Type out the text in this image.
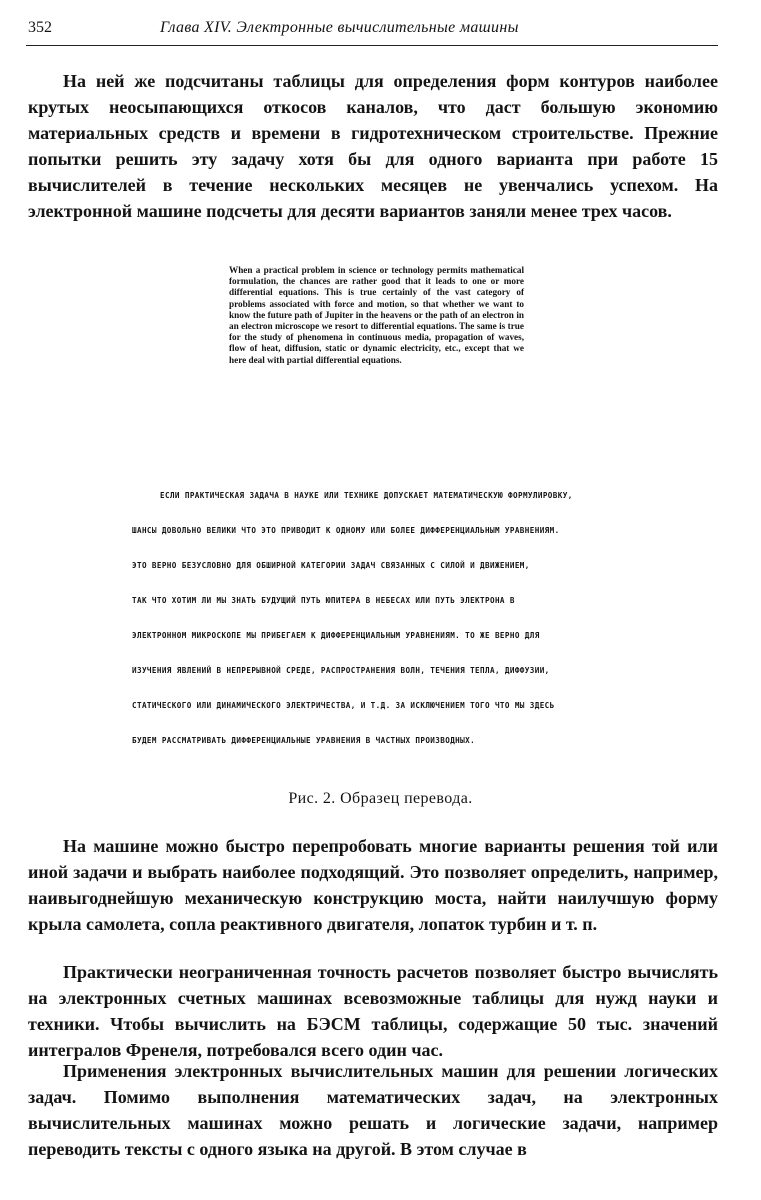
352	Глава XIV. Электронные вычислительные машины

На ней же подсчитаны таблицы для определения форм контуров наиболее крутых неосыпающихся откосов каналов, что даст большую экономию материальных средств и времени в гидротехническом строительстве. Прежние попытки решить эту задачу хотя бы для одного варианта при работе 15 вычислителей в течение нескольких месяцев не увенчались успехом. На электронной машине подсчеты для десяти вариантов заняли менее трех часов.

When a practical problem in science or technology permits mathematical formulation, the chances are rather good that it leads to one or more differential equations. This is true certainly of the vast category of problems associated with force and motion, so that whether we want to know the future path of Jupiter in the heavens or the path of an electron in an electron microscope we resort to differential equations. The same is true for the study of phenomena in continuous media, propagation of waves, flow of heat, diffusion, static or dynamic electricity, etc., except that we here deal with partial differential equations.

ЕСЛИ ПРАКТИЧЕСКАЯ ЗАДАЧА В НАУКЕ ИЛИ ТЕХНИКЕ ДОПУСКАЕТ МАТЕМАТИЧЕСКУЮ ФОРМУЛИРОВКУ,
ШАНСЫ ДОВОЛЬНО ВЕЛИКИ ЧТО ЭТО ПРИВОДИТ К ОДНОМУ ИЛИ БОЛЕЕ ДИФФЕРЕНЦИАЛЬНЫМ УРАВНЕНИЯМ.
ЭТО ВЕРНО БЕЗУСЛОВНО ДЛЯ ОБШИРНОЙ КАТЕГОРИИ ЗАДАЧ СВЯЗАННЫХ С СИЛОЙ И ДВИЖЕНИЕМ,
ТАК ЧТО ХОТИМ ЛИ МЫ ЗНАТЬ БУДУЩИЙ ПУТЬ ЮПИТЕРА В НЕБЕСАХ ИЛИ ПУТЬ ЭЛЕКТРОНА В
ЭЛЕКТРОННОМ МИКРОСКОПЕ МЫ ПРИБЕГАЕМ К ДИФФЕРЕНЦИАЛЬНЫМ УРАВНЕНИЯМ. ТО ЖЕ ВЕРНО ДЛЯ
ИЗУЧЕНИЯ ЯВЛЕНИЙ В НЕПРЕРЫВНОЙ СРЕДЕ, РАСПРОСТРАНЕНИЯ ВОЛН, ТЕЧЕНИЯ ТЕПЛА, ДИФФУЗИИ,
СТАТИЧЕСКОГО ИЛИ ДИНАМИЧЕСКОГО ЭЛЕКТРИЧЕСТВА, И Т.Д. ЗА ИСКЛЮЧЕНИЕМ ТОГО ЧТО МЫ ЗДЕСЬ
БУДЕМ РАССМАТРИВАТЬ ДИФФЕРЕНЦИАЛЬНЫЕ УРАВНЕНИЯ В ЧАСТНЫХ ПРОИЗВОДНЫХ.
Рис. 2. Образец перевода.

На машине можно быстро перепробовать многие варианты решения той или иной задачи и выбрать наиболее подходящий. Это позволяет определить, например, наивыгоднейшую механическую конструкцию моста, найти наилучшую форму крыла самолета, сопла реактивного двигателя, лопаток турбин и т. п.

Практически неограниченная точность расчетов позволяет быстро вычислять на электронных счетных машинах всевозможные таблицы для нужд науки и техники. Чтобы вычислить на БЭСМ таблицы, содержащие 50 тыс. значений интегралов Френеля, потребовался всего один час.

Применения электронных вычислительных машин для решении логических задач. Помимо выполнения математических задач, на электронных вычислительных машинах можно решать и логические задачи, например переводить тексты с одного языка на другой. В этом случае в
